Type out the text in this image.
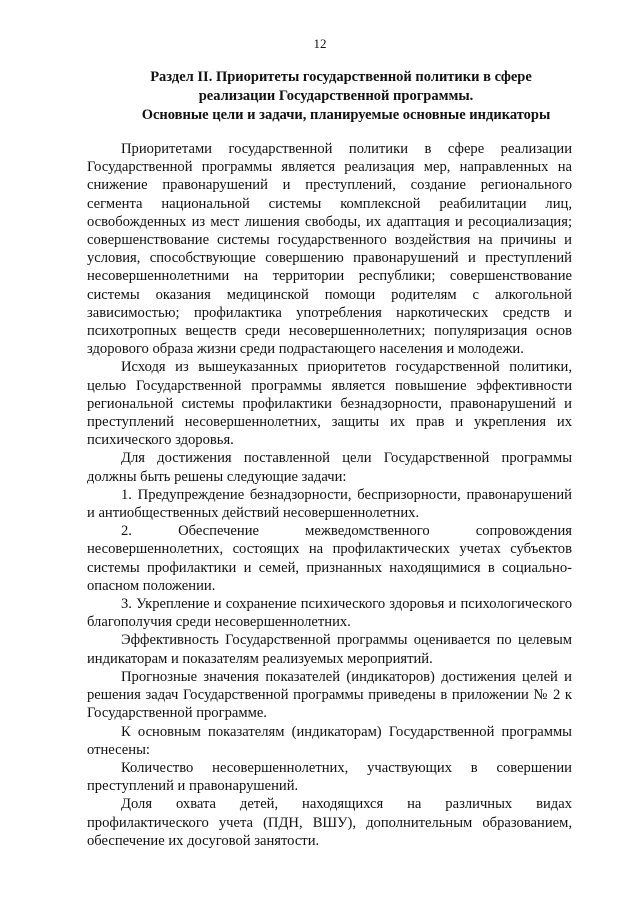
12
Раздел II. Приоритеты государственной политики в сфере
реализации Государственной программы.
Основные цели и задачи, планируемые основные индикаторы

Приоритетами государственной политики в сфере реализации Государственной программы является реализация мер, направленных на снижение правонарушений и преступлений, создание регионального сегмента национальной системы комплексной реабилитации лиц, освобожденных из мест лишения свободы, их адаптация и ресоциализация; совершенствование системы государственного воздействия на причины и условия, способствующие совершению правонарушений и преступлений несовершеннолетними на территории республики; совершенствование системы оказания медицинской помощи родителям с алкогольной зависимостью; профилактика употребления наркотических средств и психотропных веществ среди несовершеннолетних; популяризация основ здорового образа жизни среди подрастающего населения и молодежи.

Исходя из вышеуказанных приоритетов государственной политики, целью Государственной программы является повышение эффективности региональной системы профилактики безнадзорности, правонарушений и преступлений несовершеннолетних, защиты их прав и укрепления их психического здоровья.

Для достижения поставленной цели Государственной программы должны быть решены следующие задачи:

1. Предупреждение безнадзорности, беспризорности, правонарушений и антиобщественных действий несовершеннолетних.

2. Обеспечение межведомственного сопровождения несовершеннолетних, состоящих на профилактических учетах субъектов системы профилактики и семей, признанных находящимися в социально-опасном положении.

3. Укрепление и сохранение психического здоровья и психологического благополучия среди несовершеннолетних.

Эффективность Государственной программы оценивается по целевым индикаторам и показателям реализуемых мероприятий.

Прогнозные значения показателей (индикаторов) достижения целей и решения задач Государственной программы приведены в приложении № 2 к Государственной программе.

К основным показателям (индикаторам) Государственной программы отнесены:

Количество несовершеннолетних, участвующих в совершении преступлений и правонарушений.

Доля охвата детей, находящихся на различных видах профилактического учета (ПДН, ВШУ), дополнительным образованием, обеспечение их досуговой занятости.
